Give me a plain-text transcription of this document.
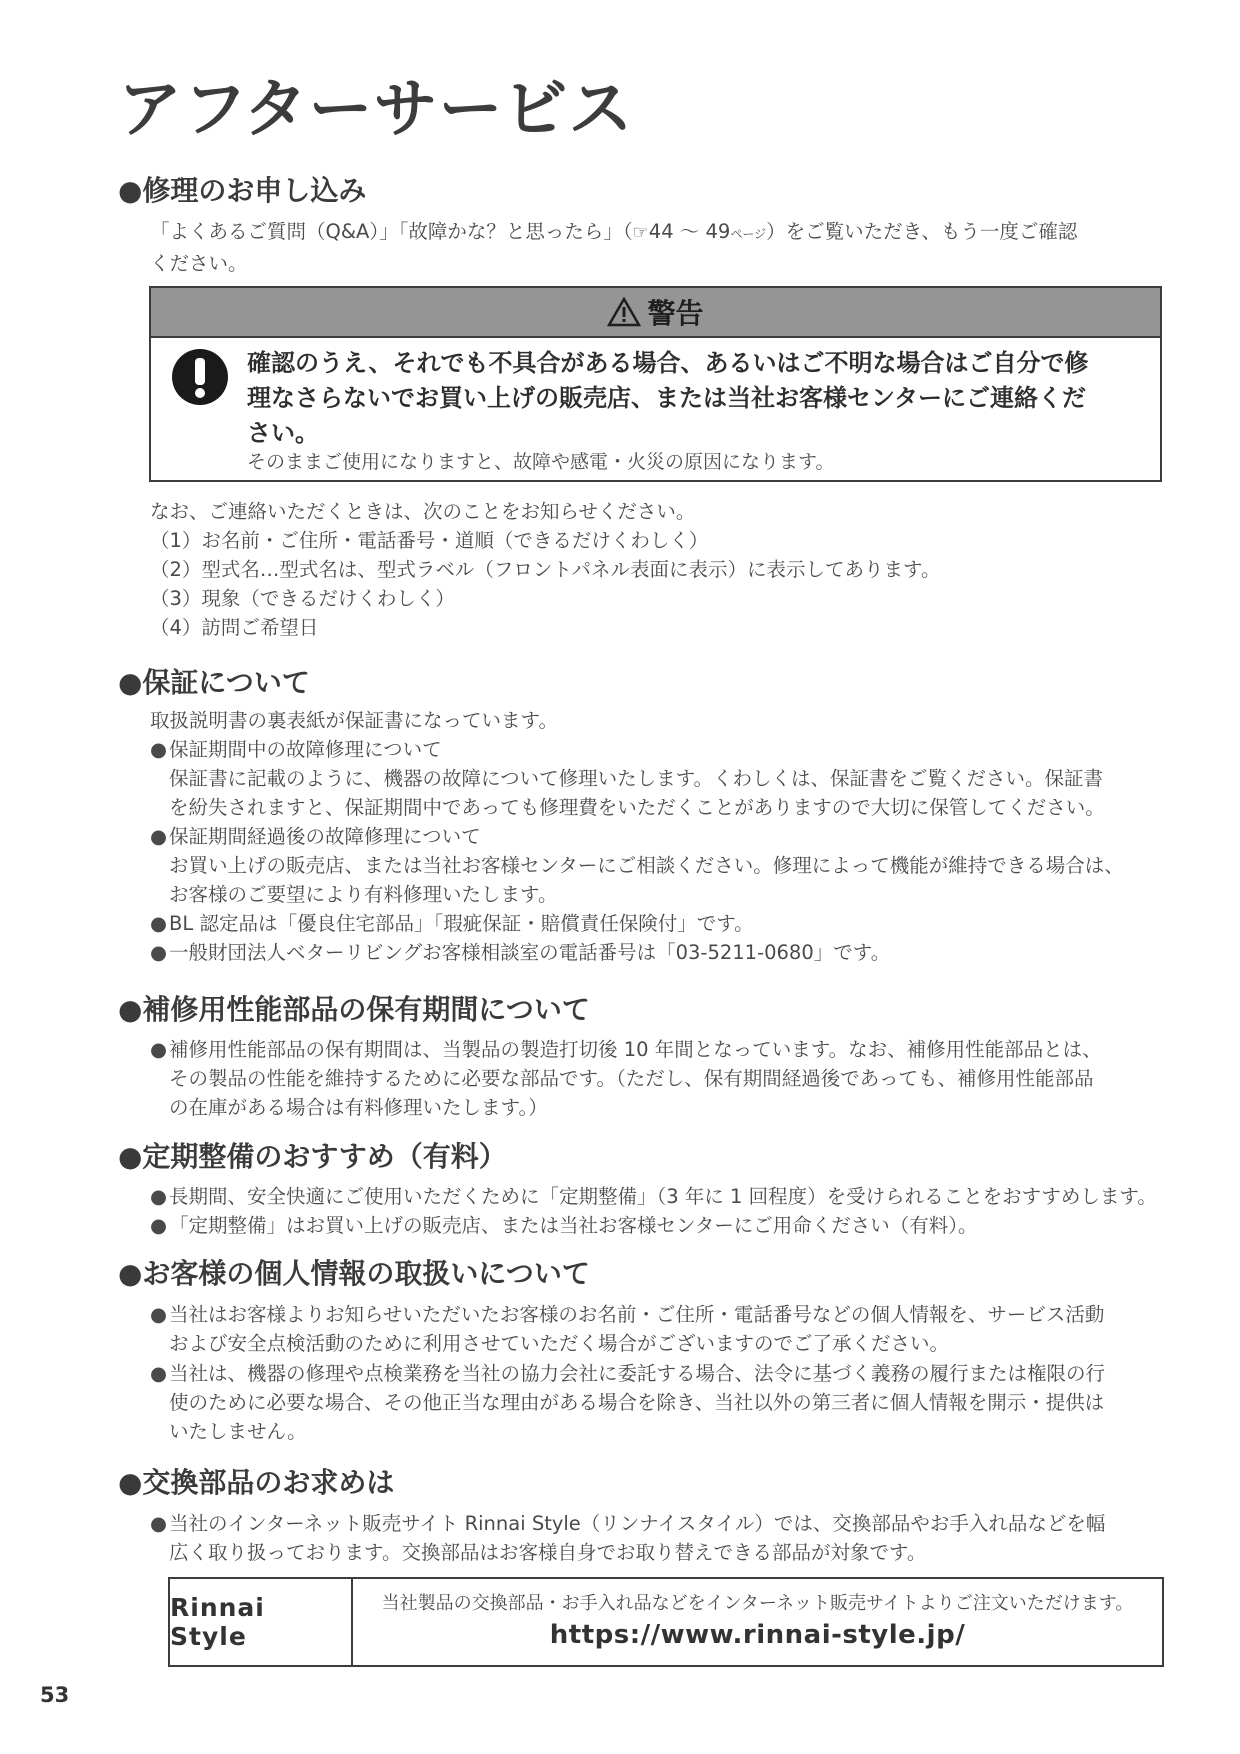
アフターサービス
●修理のお申し込み
「よくあるご質問（Q&A）」「故障かな？と思ったら」（☞44 ～ 49ページ）をご覧いただき、もう一度ご確認
ください。
警告
確認のうえ、それでも不具合がある場合、あるいはご不明な場合はご自分で修
理なさらないでお買い上げの販売店、または当社お客様センターにご連絡くだ
さい。
そのままご使用になりますと、故障や感電・火災の原因になります。
なお、ご連絡いただくときは、次のことをお知らせください。
（1）お名前・ご住所・電話番号・道順（できるだけくわしく）
（2）型式名…型式名は、型式ラベル（フロントパネル表面に表示）に表示してあります。
（3）現象（できるだけくわしく）
（4）訪問ご希望日
●保証について
取扱説明書の裏表紙が保証書になっています。
● 保証期間中の故障修理について
保証書に記載のように、機器の故障について修理いたします。くわしくは、保証書をご覧ください。保証書
を紛失されますと、保証期間中であっても修理費をいただくことがありますので大切に保管してください。
● 保証期間経過後の故障修理について
お買い上げの販売店、または当社お客様センターにご相談ください。修理によって機能が維持できる場合は、
お客様のご要望により有料修理いたします。
● BL 認定品は「優良住宅部品」「瑕疵保証・賠償責任保険付」です。
● 一般財団法人ベターリビングお客様相談室の電話番号は「03-5211-0680」です。
●補修用性能部品の保有期間について
● 補修用性能部品の保有期間は、当製品の製造打切後 10 年間となっています。なお、補修用性能部品とは、
その製品の性能を維持するために必要な部品です。（ただし、保有期間経過後であっても、補修用性能部品
の在庫がある場合は有料修理いたします。）
●定期整備のおすすめ（有料）
● 長期間、安全快適にご使用いただくために「定期整備」（3 年に 1 回程度）を受けられることをおすすめします。
● 「定期整備」はお買い上げの販売店、または当社お客様センターにご用命ください（有料）。
●お客様の個人情報の取扱いについて
● 当社はお客様よりお知らせいただいたお客様のお名前・ご住所・電話番号などの個人情報を、サービス活動
および安全点検活動のために利用させていただく場合がございますのでご了承ください。
● 当社は、機器の修理や点検業務を当社の協力会社に委託する場合、法令に基づく義務の履行または権限の行
使のために必要な場合、その他正当な理由がある場合を除き、当社以外の第三者に個人情報を開示・提供は
いたしません。
●交換部品のお求めは
● 当社のインターネット販売サイト Rinnai Style（リンナイスタイル）では、交換部品やお手入れ品などを幅
広く取り扱っております。交換部品はお客様自身でお取り替えできる部品が対象です。
Rinnai Style
当社製品の交換部品・お手入れ品などをインターネット販売サイトよりご注文いただけます。
https://www.rinnai-style.jp/
53
